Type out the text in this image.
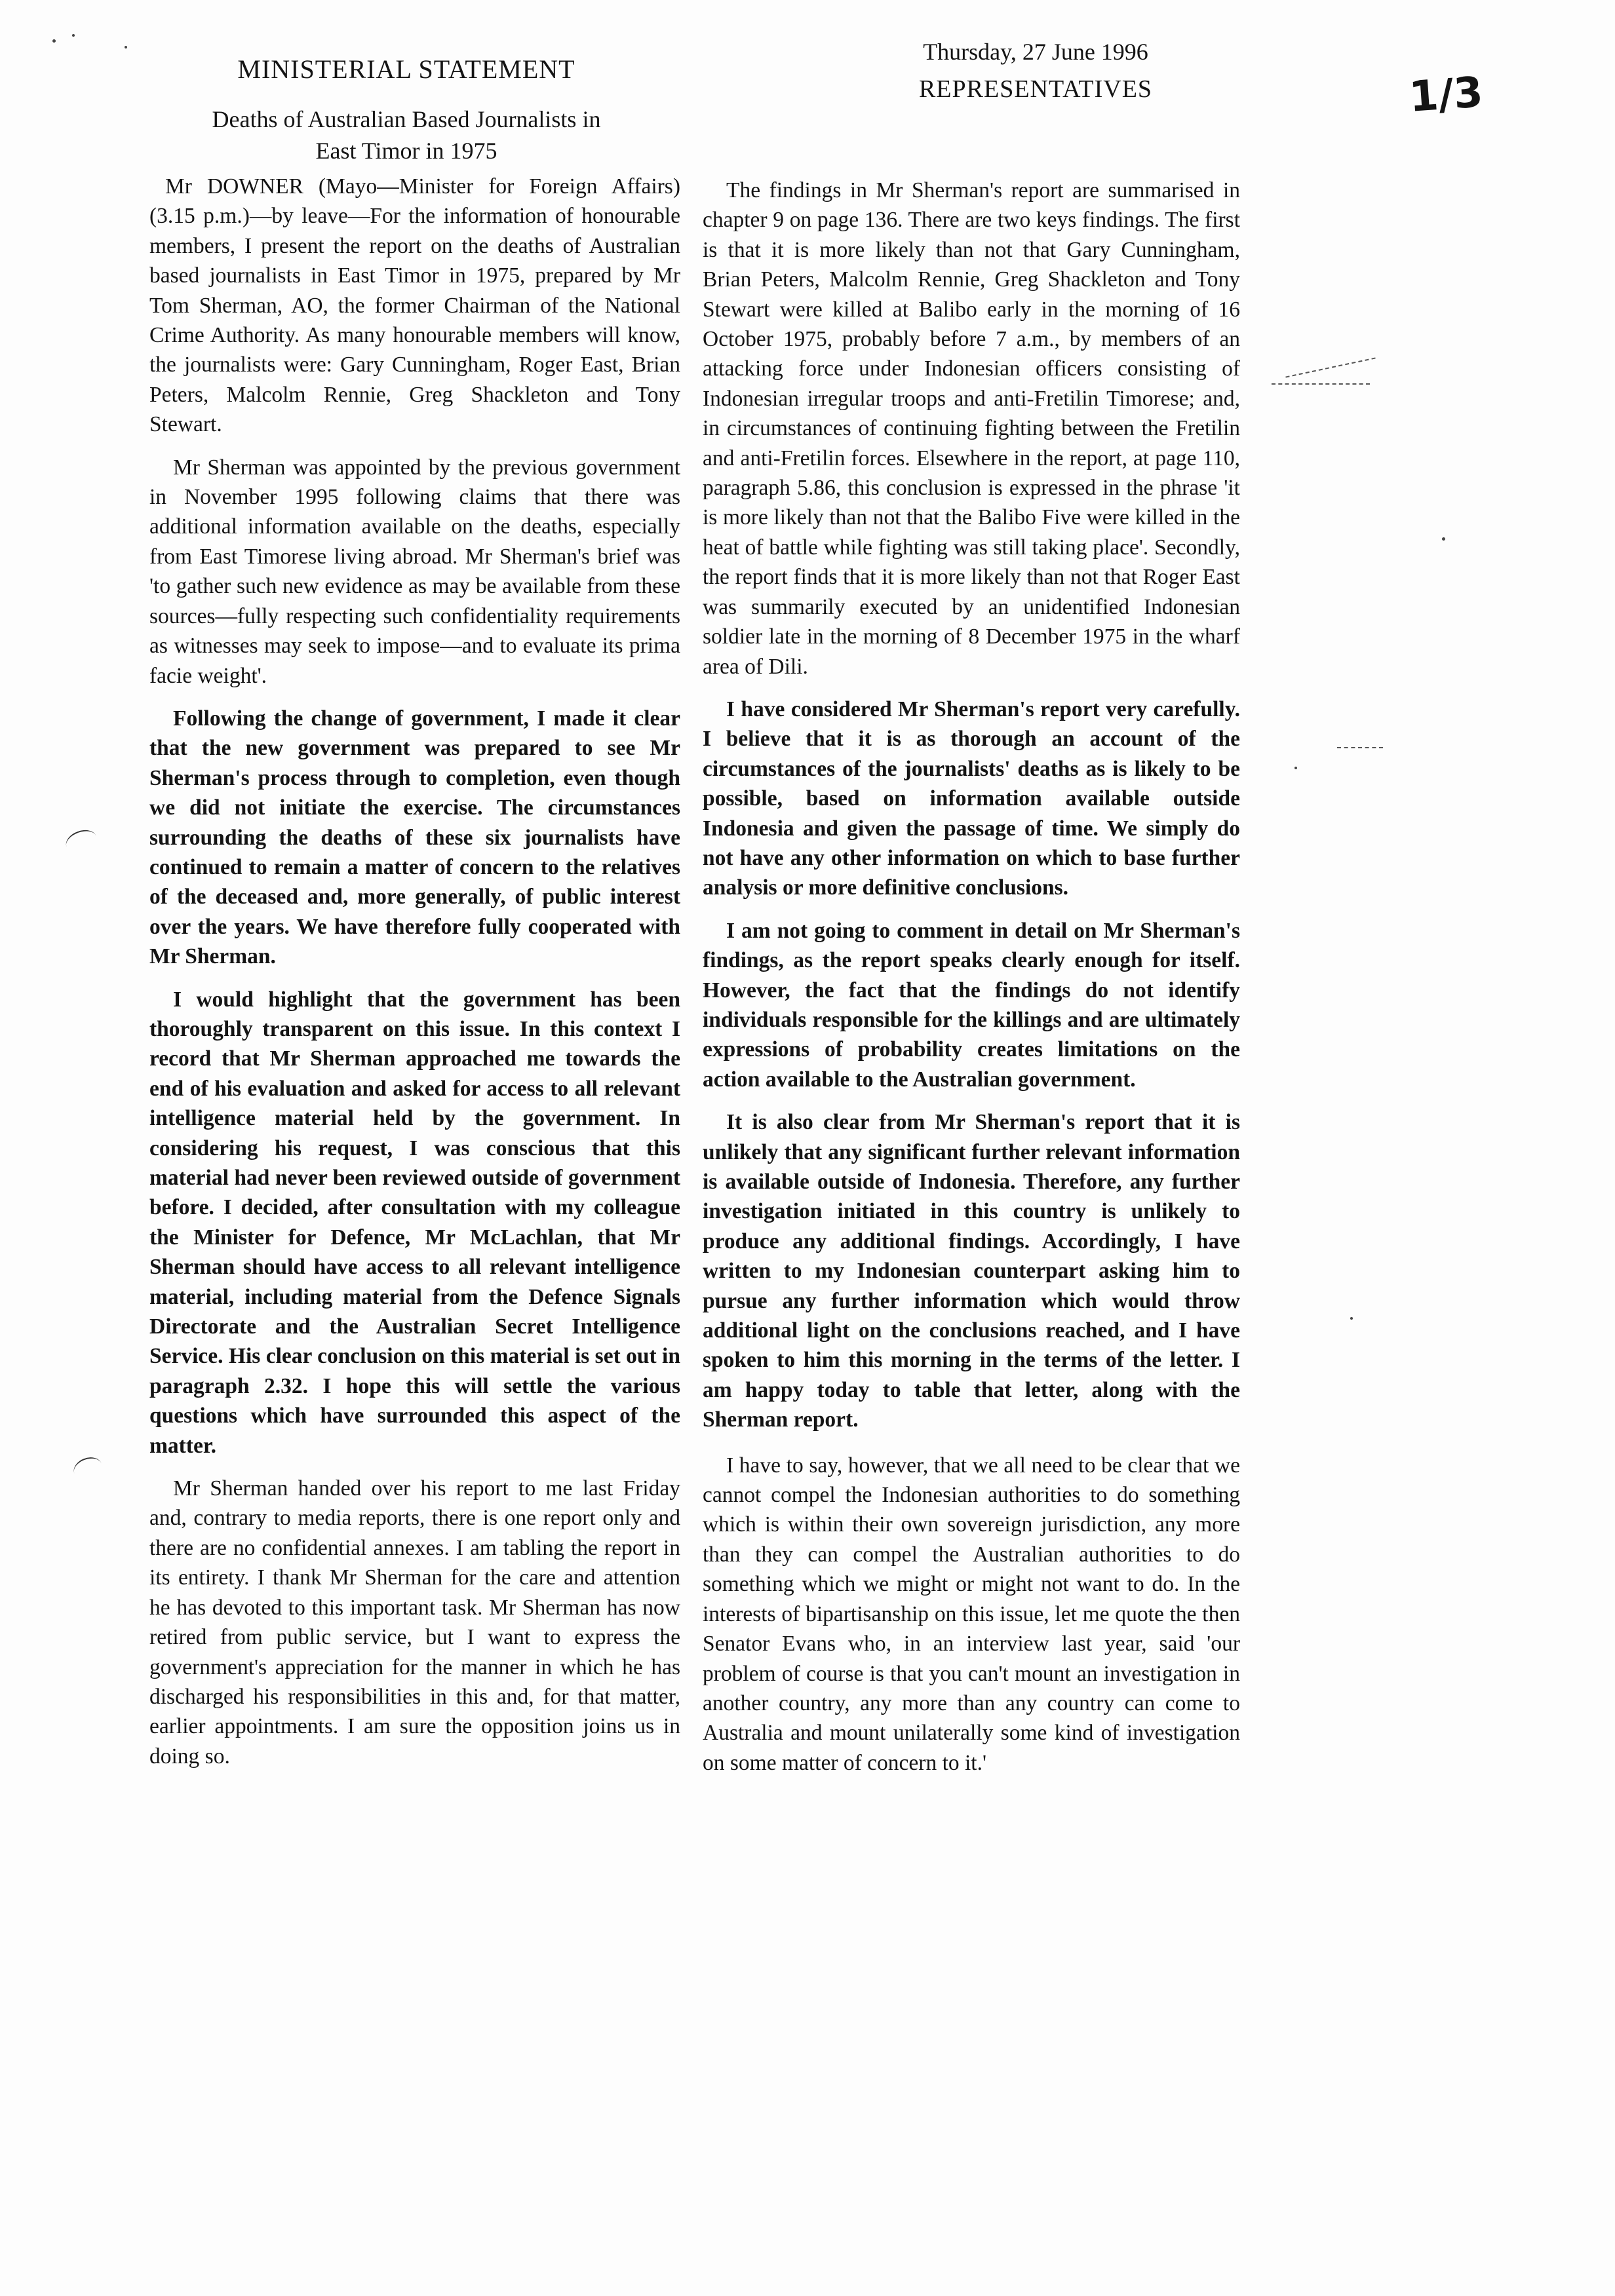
MINISTERIAL STATEMENT
Thursday, 27 June 1996
REPRESENTATIVES	1/3
Deaths of Australian Based Journalists in
East Timor in 1975

Mr DOWNER (Mayo—Minister for Foreign Affairs) (3.15 p.m.)—by leave—For the information of honourable members, I present the report on the deaths of Australian based journalists in East Timor in 1975, prepared by Mr Tom Sherman, AO, the former Chairman of the National Crime Authority. As many honourable members will know, the journalists were: Gary Cunningham, Roger East, Brian Peters, Malcolm Rennie, Greg Shackleton and Tony Stewart.

Mr Sherman was appointed by the previous government in November 1995 following claims that there was additional information available on the deaths, especially from East Timorese living abroad. Mr Sherman's brief was 'to gather such new evidence as may be available from these sources—fully respecting such confidentiality requirements as witnesses may seek to impose—and to evaluate its prima facie weight'.

Following the change of government, I made it clear that the new government was prepared to see Mr Sherman's process through to completion, even though we did not initiate the exercise. The circumstances surrounding the deaths of these six journalists have continued to remain a matter of concern to the relatives of the deceased and, more generally, of public interest over the years. We have therefore fully cooperated with Mr Sherman.

I would highlight that the government has been thoroughly transparent on this issue. In this context I record that Mr Sherman approached me towards the end of his evaluation and asked for access to all relevant intelligence material held by the government. In considering his request, I was conscious that this material had never been reviewed outside of government before. I decided, after consultation with my colleague the Minister for Defence, Mr McLachlan, that Mr Sherman should have access to all relevant intelligence material, including material from the Defence Signals Directorate and the Australian Secret Intelligence Service. His clear conclusion on this material is set out in paragraph 2.32. I hope this will settle the various questions which have surrounded this aspect of the matter.

Mr Sherman handed over his report to me last Friday and, contrary to media reports, there is one report only and there are no confidential annexes. I am tabling the report in its entirety. I thank Mr Sherman for the care and attention he has devoted to this important task. Mr Sherman has now retired from public service, but I want to express the government's appreciation for the manner in which he has discharged his responsibilities in this and, for that matter, earlier appointments. I am sure the opposition joins us in doing so.

The findings in Mr Sherman's report are summarised in chapter 9 on page 136. There are two keys findings. The first is that it is more likely than not that Gary Cunningham, Brian Peters, Malcolm Rennie, Greg Shackleton and Tony Stewart were killed at Balibo early in the morning of 16 October 1975, probably before 7 a.m., by members of an attacking force under Indonesian officers consisting of Indonesian irregular troops and anti-Fretilin Timorese; and, in circumstances of continuing fighting between the Fretilin and anti-Fretilin forces. Elsewhere in the report, at page 110, paragraph 5.86, this conclusion is expressed in the phrase 'it is more likely than not that the Balibo Five were killed in the heat of battle while fighting was still taking place'. Secondly, the report finds that it is more likely than not that Roger East was summarily executed by an unidentified Indonesian soldier late in the morning of 8 December 1975 in the wharf area of Dili.

I have considered Mr Sherman's report very carefully. I believe that it is as thorough an account of the circumstances of the journalists' deaths as is likely to be possible, based on information available outside Indonesia and given the passage of time. We simply do not have any other information on which to base further analysis or more definitive conclusions.

I am not going to comment in detail on Mr Sherman's findings, as the report speaks clearly enough for itself. However, the fact that the findings do not identify individuals responsible for the killings and are ultimately expressions of probability creates limitations on the action available to the Australian government.

It is also clear from Mr Sherman's report that it is unlikely that any significant further relevant information is available outside of Indonesia. Therefore, any further investigation initiated in this country is unlikely to produce any additional findings. Accordingly, I have written to my Indonesian counterpart asking him to pursue any further information which would throw additional light on the conclusions reached, and I have spoken to him this morning in the terms of the letter. I am happy today to table that letter, along with the Sherman report.

I have to say, however, that we all need to be clear that we cannot compel the Indonesian authorities to do something which is within their own sovereign jurisdiction, any more than they can compel the Australian authorities to do something which we might or might not want to do. In the interests of bipartisanship on this issue, let me quote the then Senator Evans who, in an interview last year, said 'our problem of course is that you can't mount an investigation in another country, any more than any country can come to Australia and mount unilaterally some kind of investigation on some matter of concern to it.'
